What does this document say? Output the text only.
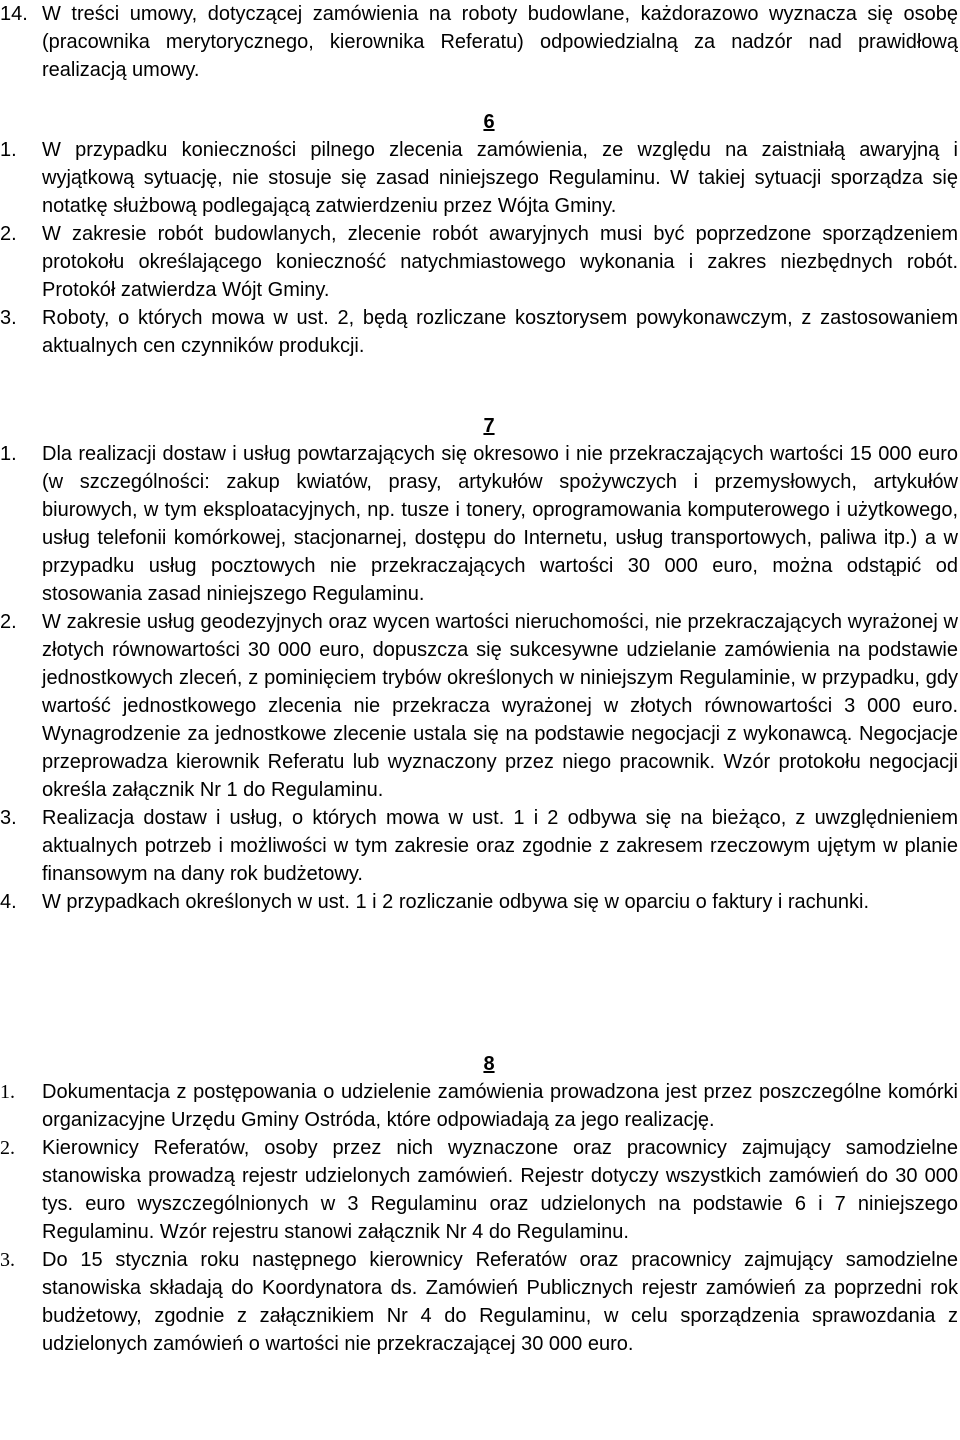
14. W treści umowy, dotyczącej zamówienia na roboty budowlane, każdorazowo wyznacza się osobę (pracownika merytorycznego, kierownika Referatu) odpowiedzialną za nadzór nad prawidłową realizacją umowy.
6
1.	W przypadku konieczności pilnego zlecenia zamówienia, ze względu na zaistniałą awaryjną i wyjątkową sytuację, nie stosuje się zasad niniejszego Regulaminu. W takiej sytuacji sporządza się notatkę służbową podlegającą zatwierdzeniu przez Wójta Gminy.
2.	W zakresie robót budowlanych, zlecenie robót awaryjnych musi być poprzedzone sporządzeniem protokołu określającego konieczność natychmiastowego wykonania i zakres niezbędnych robót. Protokół zatwierdza Wójt Gminy.
3.	Roboty, o których mowa w ust. 2, będą rozliczane kosztorysem powykonawczym, z zastosowaniem aktualnych cen czynników produkcji.
7
1.	Dla realizacji dostaw i usług powtarzających się okresowo i nie przekraczających wartości 15 000 euro (w szczególności: zakup kwiatów, prasy, artykułów spożywczych i przemysłowych, artykułów biurowych, w tym eksploatacyjnych, np. tusze i tonery, oprogramowania komputerowego i użytkowego, usług telefonii komórkowej, stacjonarnej, dostępu do Internetu, usług transportowych, paliwa itp.) a w przypadku usług pocztowych nie przekraczających wartości 30 000 euro, można odstąpić od stosowania zasad niniejszego Regulaminu.
2.	W zakresie usług geodezyjnych oraz wycen wartości nieruchomości, nie przekraczających wyrażonej w złotych równowartości 30 000 euro, dopuszcza się sukcesywne udzielanie zamówienia na podstawie jednostkowych zleceń, z pominięciem trybów określonych w niniejszym Regulaminie, w przypadku, gdy wartość jednostkowego zlecenia nie przekracza wyrażonej w złotych równowartości 3 000 euro. Wynagrodzenie za jednostkowe zlecenie ustala się na podstawie negocjacji z wykonawcą. Negocjacje przeprowadza kierownik Referatu lub wyznaczony przez niego pracownik. Wzór protokołu negocjacji określa załącznik Nr 1 do Regulaminu.
3.	Realizacja dostaw i usług, o których mowa w ust. 1 i 2 odbywa się na bieżąco, z uwzględnieniem aktualnych potrzeb i możliwości w tym zakresie oraz zgodnie z zakresem rzeczowym ujętym w planie finansowym na dany rok budżetowy.
4.	W przypadkach określonych w ust. 1 i 2 rozliczanie odbywa się w oparciu o faktury i rachunki.
8
1.	Dokumentacja z postępowania o udzielenie zamówienia prowadzona jest przez poszczególne komórki organizacyjne Urzędu Gminy Ostróda, które odpowiadają za jego realizację.
2.	Kierownicy Referatów, osoby przez nich wyznaczone oraz pracownicy zajmujący samodzielne stanowiska prowadzą rejestr udzielonych zamówień. Rejestr dotyczy wszystkich zamówień do 30 000 tys. euro wyszczególnionych w 3 Regulaminu oraz udzielonych na podstawie 6 i 7 niniejszego Regulaminu. Wzór rejestru stanowi załącznik Nr 4 do Regulaminu.
3.	Do 15 stycznia roku następnego kierownicy Referatów oraz pracownicy zajmujący samodzielne stanowiska składają do Koordynatora ds. Zamówień Publicznych rejestr zamówień za poprzedni rok budżetowy, zgodnie z załącznikiem Nr 4 do Regulaminu, w celu sporządzenia sprawozdania z udzielonych zamówień o wartości nie przekraczającej 30 000 euro.
